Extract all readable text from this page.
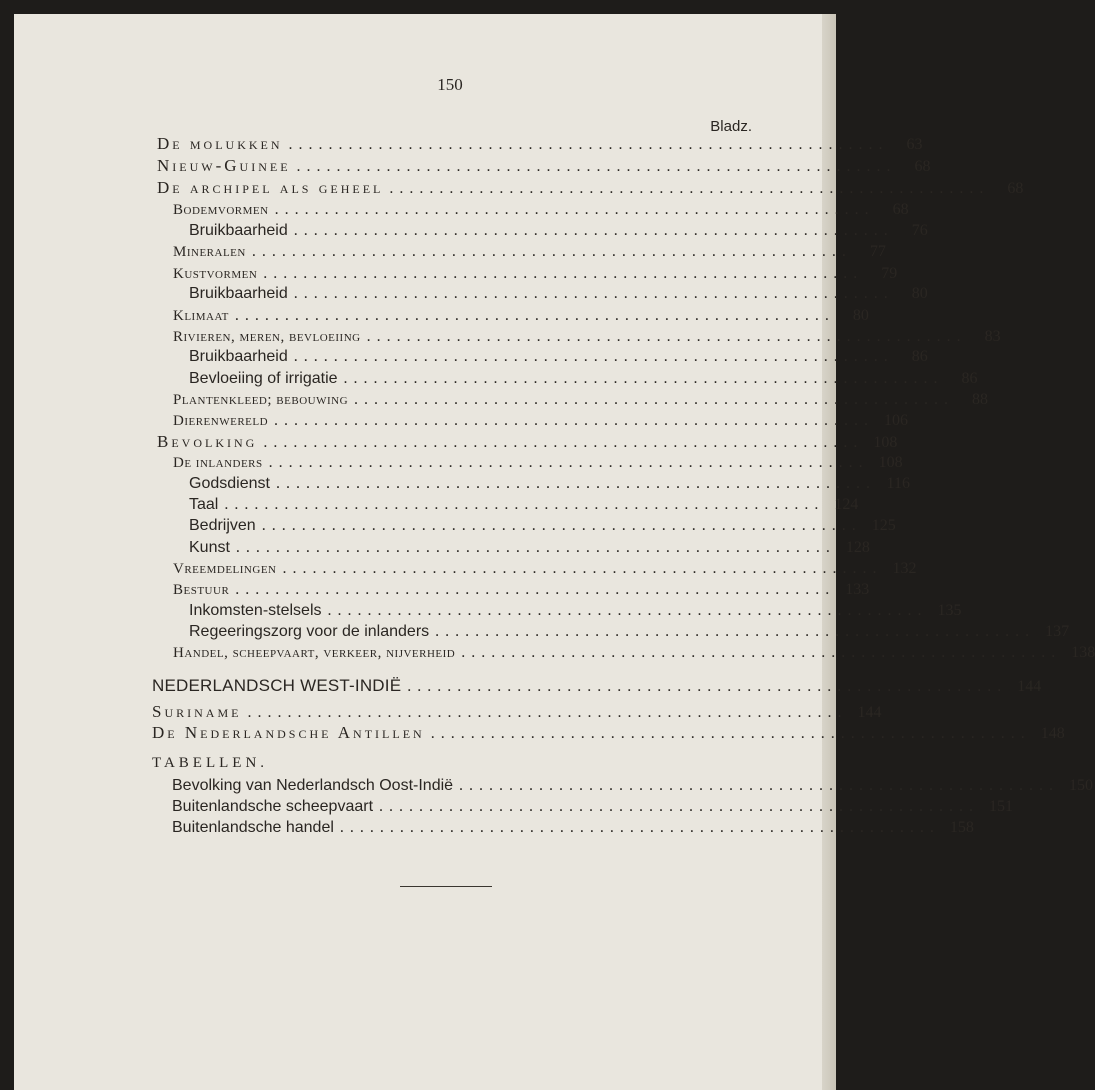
150
Bladz.
De molukken ............................................................	63
Nieuw-Guinee ............................................................	68
De archipel als geheel ............................................................	68
Bodemvormen ............................................................	68
Bruikbaarheid ............................................................	76
Mineralen ............................................................	77
Kustvormen ............................................................	79
Bruikbaarheid ............................................................	80
Klimaat ............................................................	80
Rivieren, meren, bevloeiing ............................................................	83
Bruikbaarheid ............................................................	86
Bevloeiing of irrigatie ............................................................	86
Plantenkleed; bebouwing ............................................................	88
Dierenwereld ............................................................ 106
Bevolking ............................................................ 108
De inlanders ............................................................ 108
Godsdienst ............................................................ 116
Taal ............................................................ 124
Bedrijven ............................................................ 125
Kunst ............................................................ 128
Vreemdelingen ............................................................ 132
Bestuur ............................................................ 133
Inkomsten-stelsels ............................................................ 135
Regeeringszorg voor de inlanders ............................................................ 137
Handel, scheepvaart, verkeer, nijverheid ............................................................ 138
NEDERLANDSCH WEST-INDIË ............................................................ 144
Suriname ............................................................ 144
De Nederlandsche Antillen ............................................................ 148
TABELLEN.
Bevolking van Nederlandsch Oost-Indië ............................................................ 150
Buitenlandsche scheepvaart ............................................................ 151
Buitenlandsche handel ............................................................ 158
